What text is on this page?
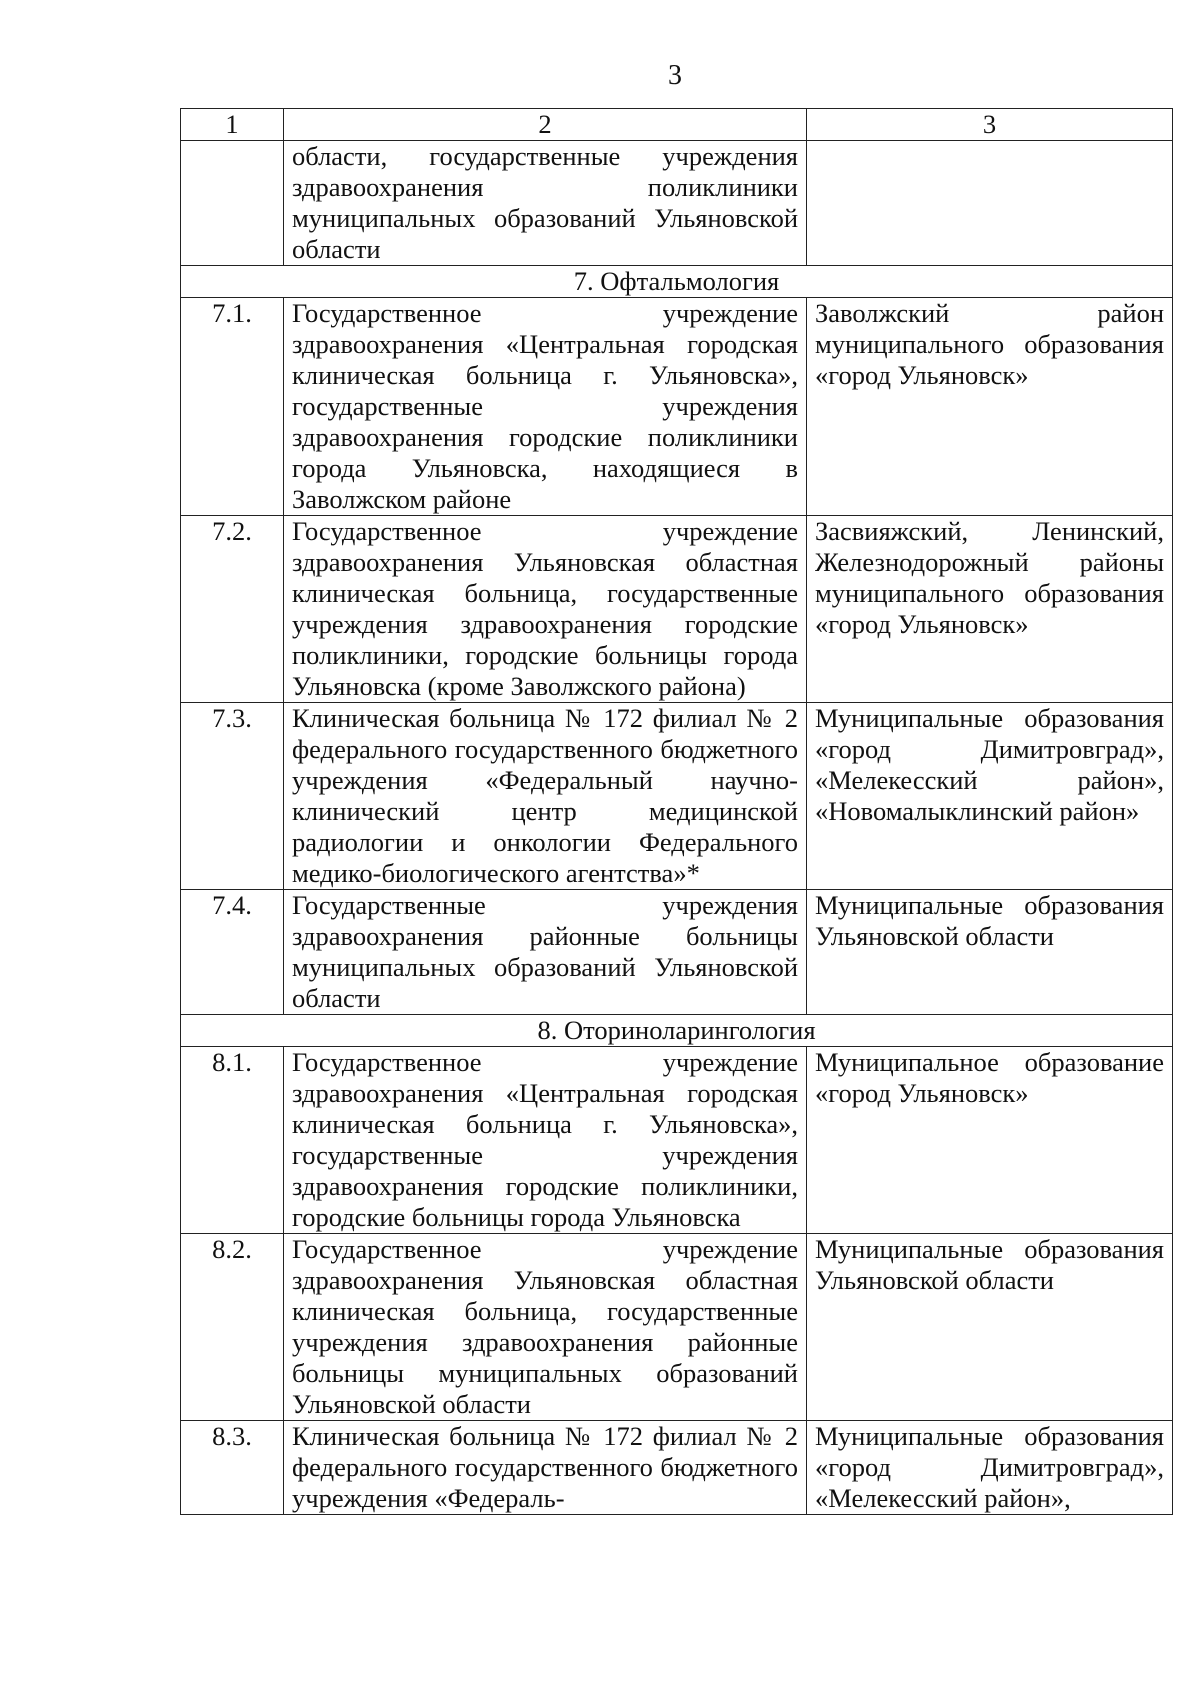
3
1	2	3
	области, государственные учреждения здравоохранения поликлиники муниципальных образований Ульяновской области	
7. Офтальмология		
7.1.	Государственное учреждение здравоохранения «Центральная городская клиническая больница г. Ульяновска», государственные учреждения здравоохранения городские поликлиники города Ульяновска, находящиеся в Заволжском районе	Заволжский район муниципального образования «город Ульяновск»
7.2.	Государственное учреждение здравоохранения Ульяновская областная клиническая больница, государственные учреждения здравоохранения городские поликлиники, городские больницы города Ульяновска (кроме Заволжского района)	Засвияжский, Ленинский, Железнодорожный районы муниципального образования «город Ульяновск»
7.3.	Клиническая больница № 172 филиал № 2 федерального государственного бюджетного учреждения «Федеральный научно-клинический центр медицинской радиологии и онкологии Федерального медико-биологического агентства»*	Муниципальные образования «город Димитровград», «Мелекесский район», «Новомалыклинский район»
7.4.	Государственные учреждения здравоохранения районные больницы муниципальных образований Ульяновской области	Муниципальные образования Ульяновской области
8. Оториноларингология		
8.1.	Государственное учреждение здравоохранения «Центральная городская клиническая больница г. Ульяновска», государственные учреждения здравоохранения городские поликлиники, городские больницы города Ульяновска	Муниципальное образование «город Ульяновск»
8.2.	Государственное учреждение здравоохранения Ульяновская областная клиническая больница, государственные учреждения здравоохранения районные больницы муниципальных образований Ульяновской области	Муниципальные образования Ульяновской области
8.3.	Клиническая больница № 172 филиал № 2 федерального государственного бюджетного учреждения «Федераль-	Муниципальные образования «город Димитровград», «Мелекесский район»,
